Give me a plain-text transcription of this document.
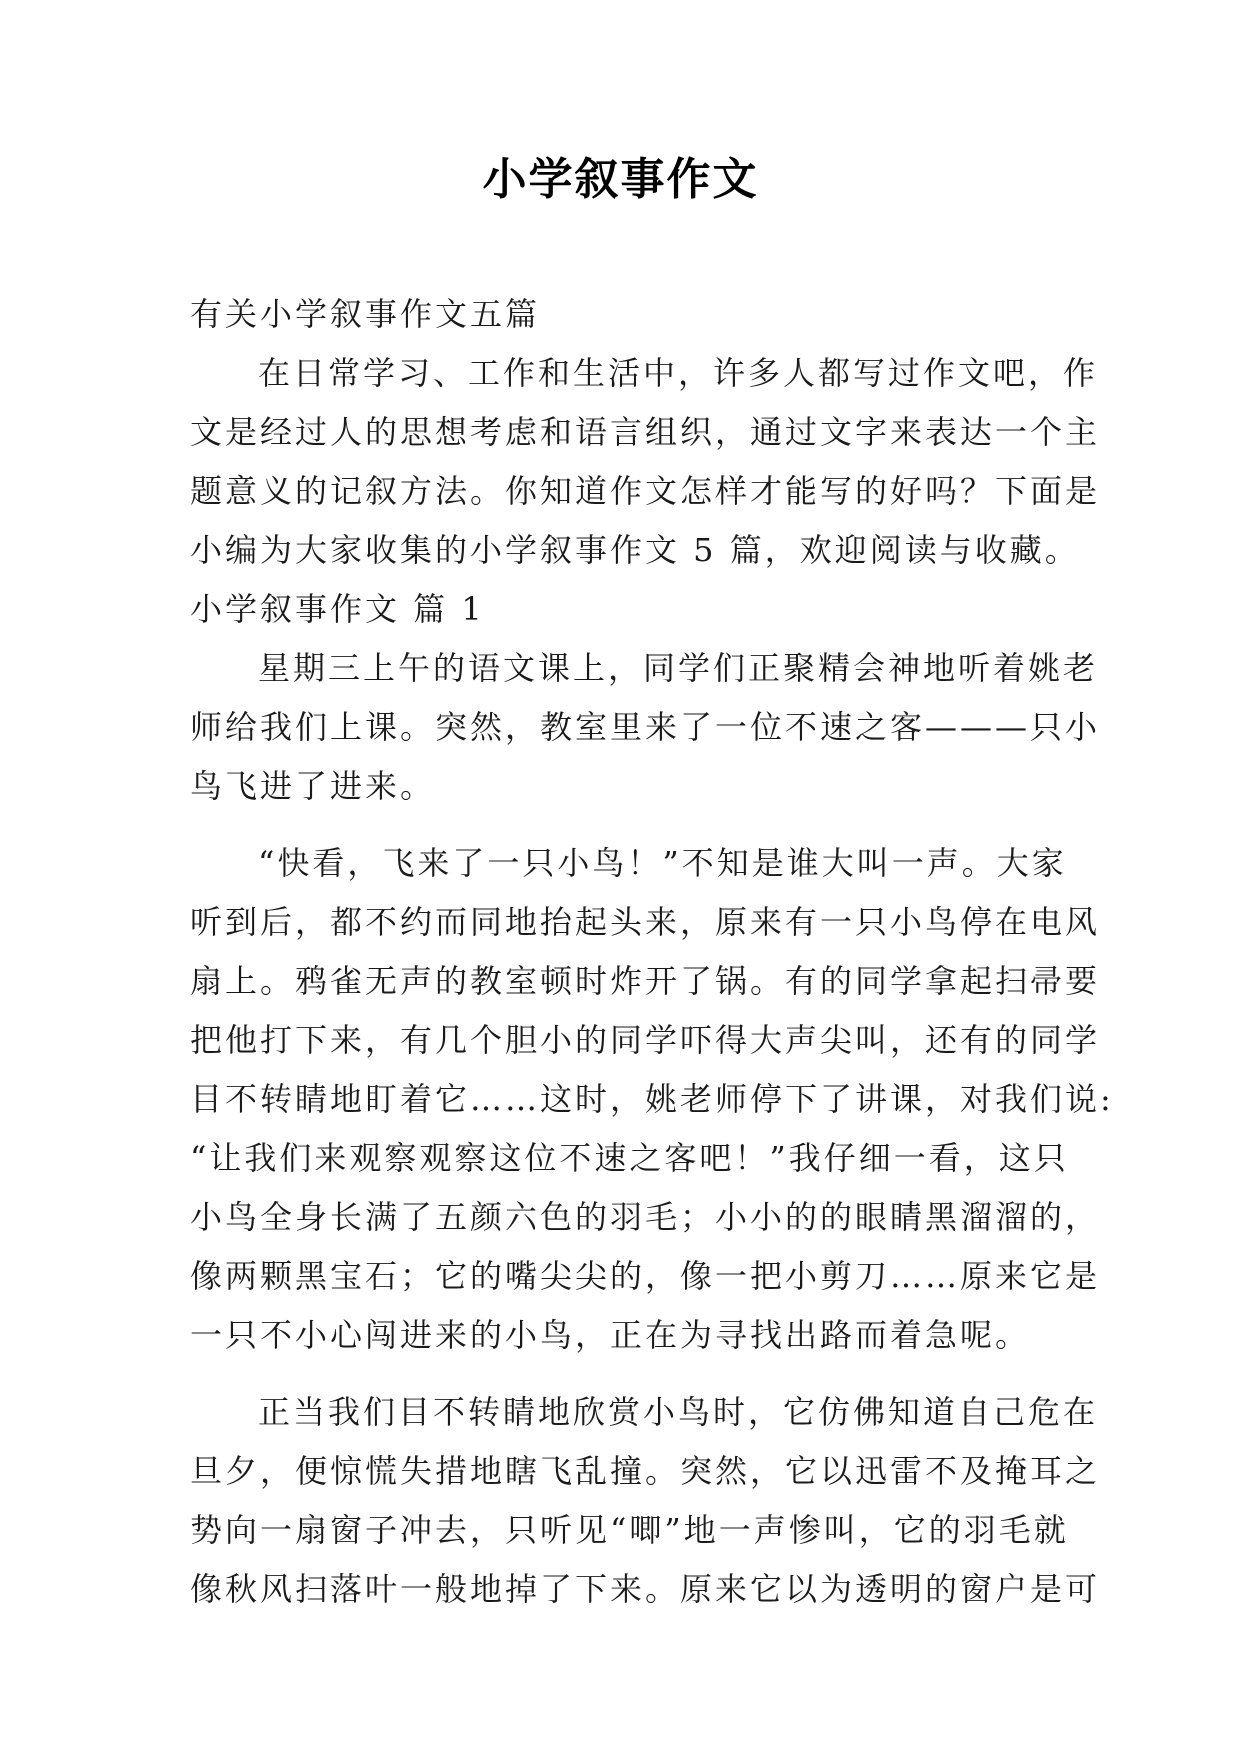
小学叙事作文
有关小学叙事作文五篇
在日常学习、工作和生活中，许多人都写过作文吧，作
文是经过人的思想考虑和语言组织，通过文字来表达一个主
题意义的记叙方法。你知道作文怎样才能写的好吗？下面是
小编为大家收集的小学叙事作文 5 篇，欢迎阅读与收藏。
小学叙事作文 篇 1
星期三上午的语文课上，同学们正聚精会神地听着姚老
师给我们上课。突然，教室里来了一位不速之客———只小
鸟飞进了进来。
“快看，飞来了一只小鸟！”不知是谁大叫一声。大家
听到后，都不约而同地抬起头来，原来有一只小鸟停在电风
扇上。鸦雀无声的教室顿时炸开了锅。有的同学拿起扫帚要
把他打下来，有几个胆小的同学吓得大声尖叫，还有的同学
目不转睛地盯着它……这时，姚老师停下了讲课，对我们说:
“让我们来观察观察这位不速之客吧！”我仔细一看，这只
小鸟全身长满了五颜六色的羽毛；小小的的眼睛黑溜溜的，
像两颗黑宝石；它的嘴尖尖的，像一把小剪刀……原来它是
一只不小心闯进来的小鸟，正在为寻找出路而着急呢。
正当我们目不转睛地欣赏小鸟时，它仿佛知道自己危在
旦夕，便惊慌失措地瞎飞乱撞。突然，它以迅雷不及掩耳之
势向一扇窗子冲去，只听见“唧”地一声惨叫，它的羽毛就
像秋风扫落叶一般地掉了下来。原来它以为透明的窗户是可
